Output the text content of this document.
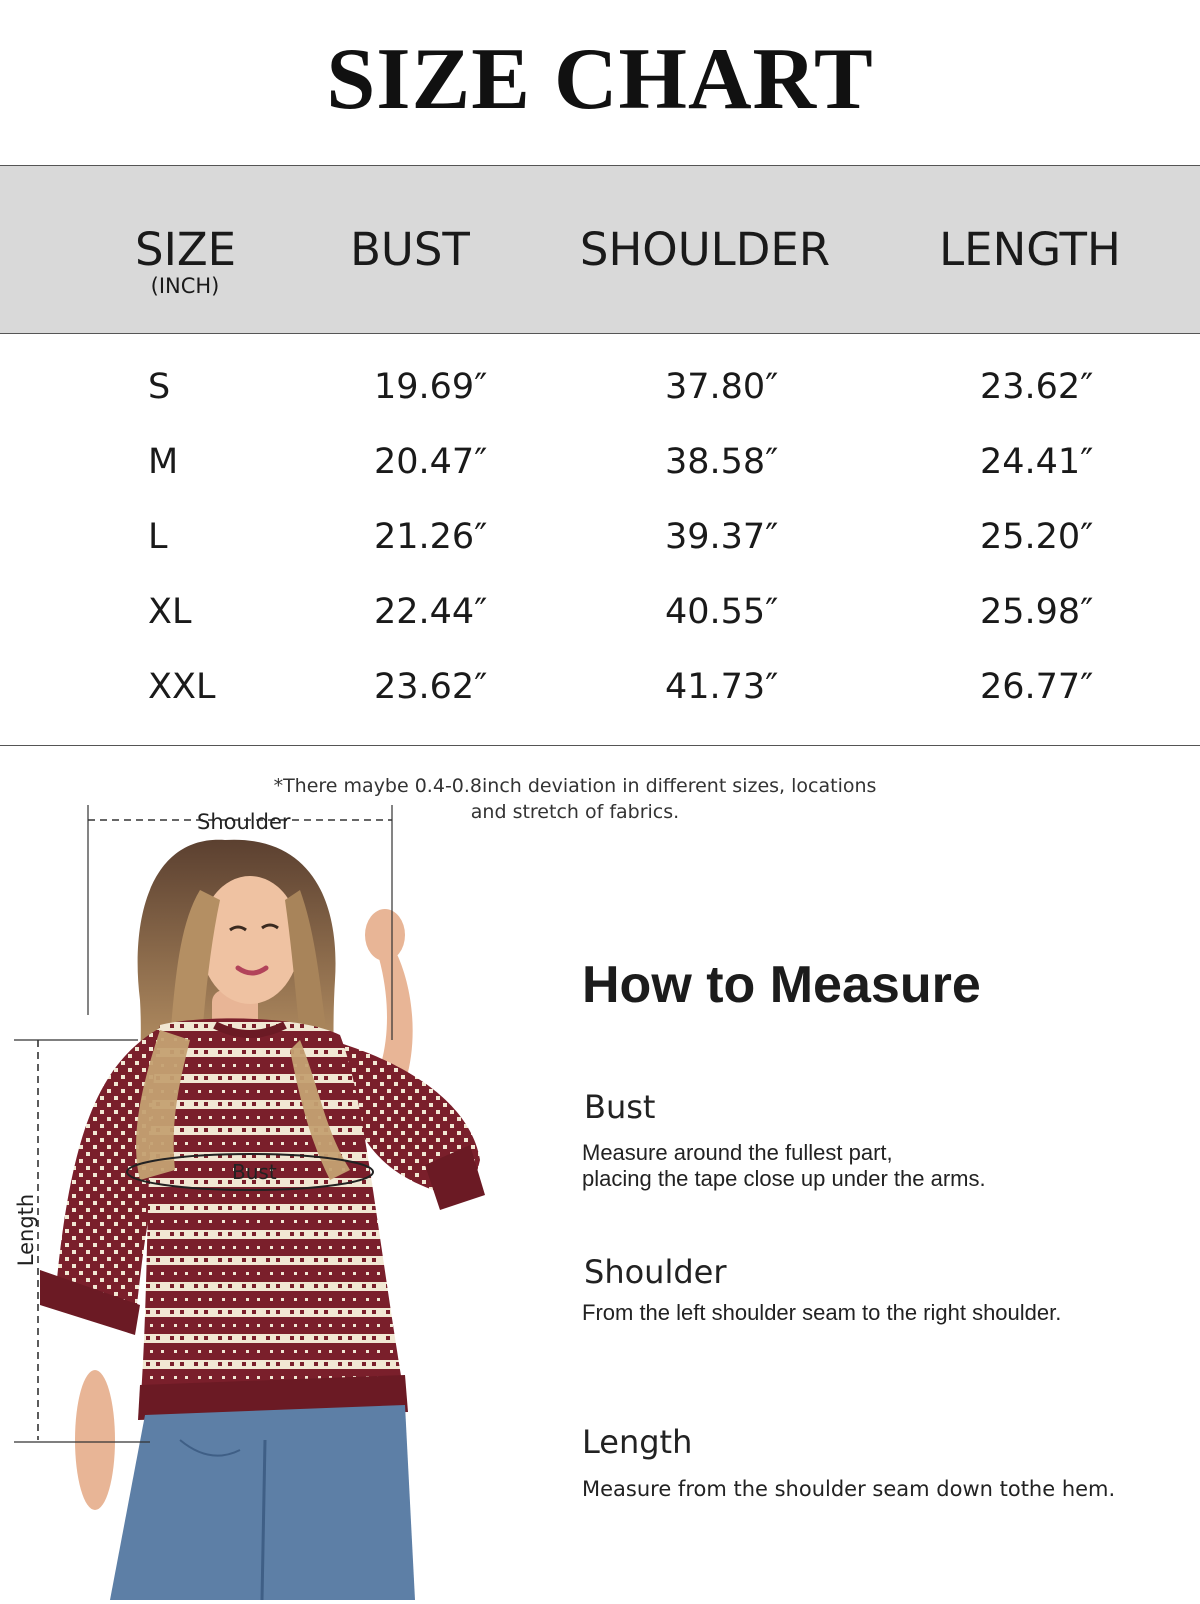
SIZE CHART
SIZE
(INCH)
BUST	SHOULDER	LENGTH
S	19.69″	37.80″	23.62″
M	20.47″	38.58″	24.41″
L	21.26″	39.37″	25.20″
XL	22.44″	40.55″	25.98″
XXL	23.62″	41.73″	26.77″
*There maybe 0.4-0.8inch deviation in different sizes, locations
and stretch of fabrics.
Shoulder
Length
Bust
How to Measure
Bust
Measure around the fullest part,
placing the tape close up under the arms.
Shoulder
From the left shoulder seam to the right shoulder.
Length
Measure from the shoulder seam down tothe hem.
